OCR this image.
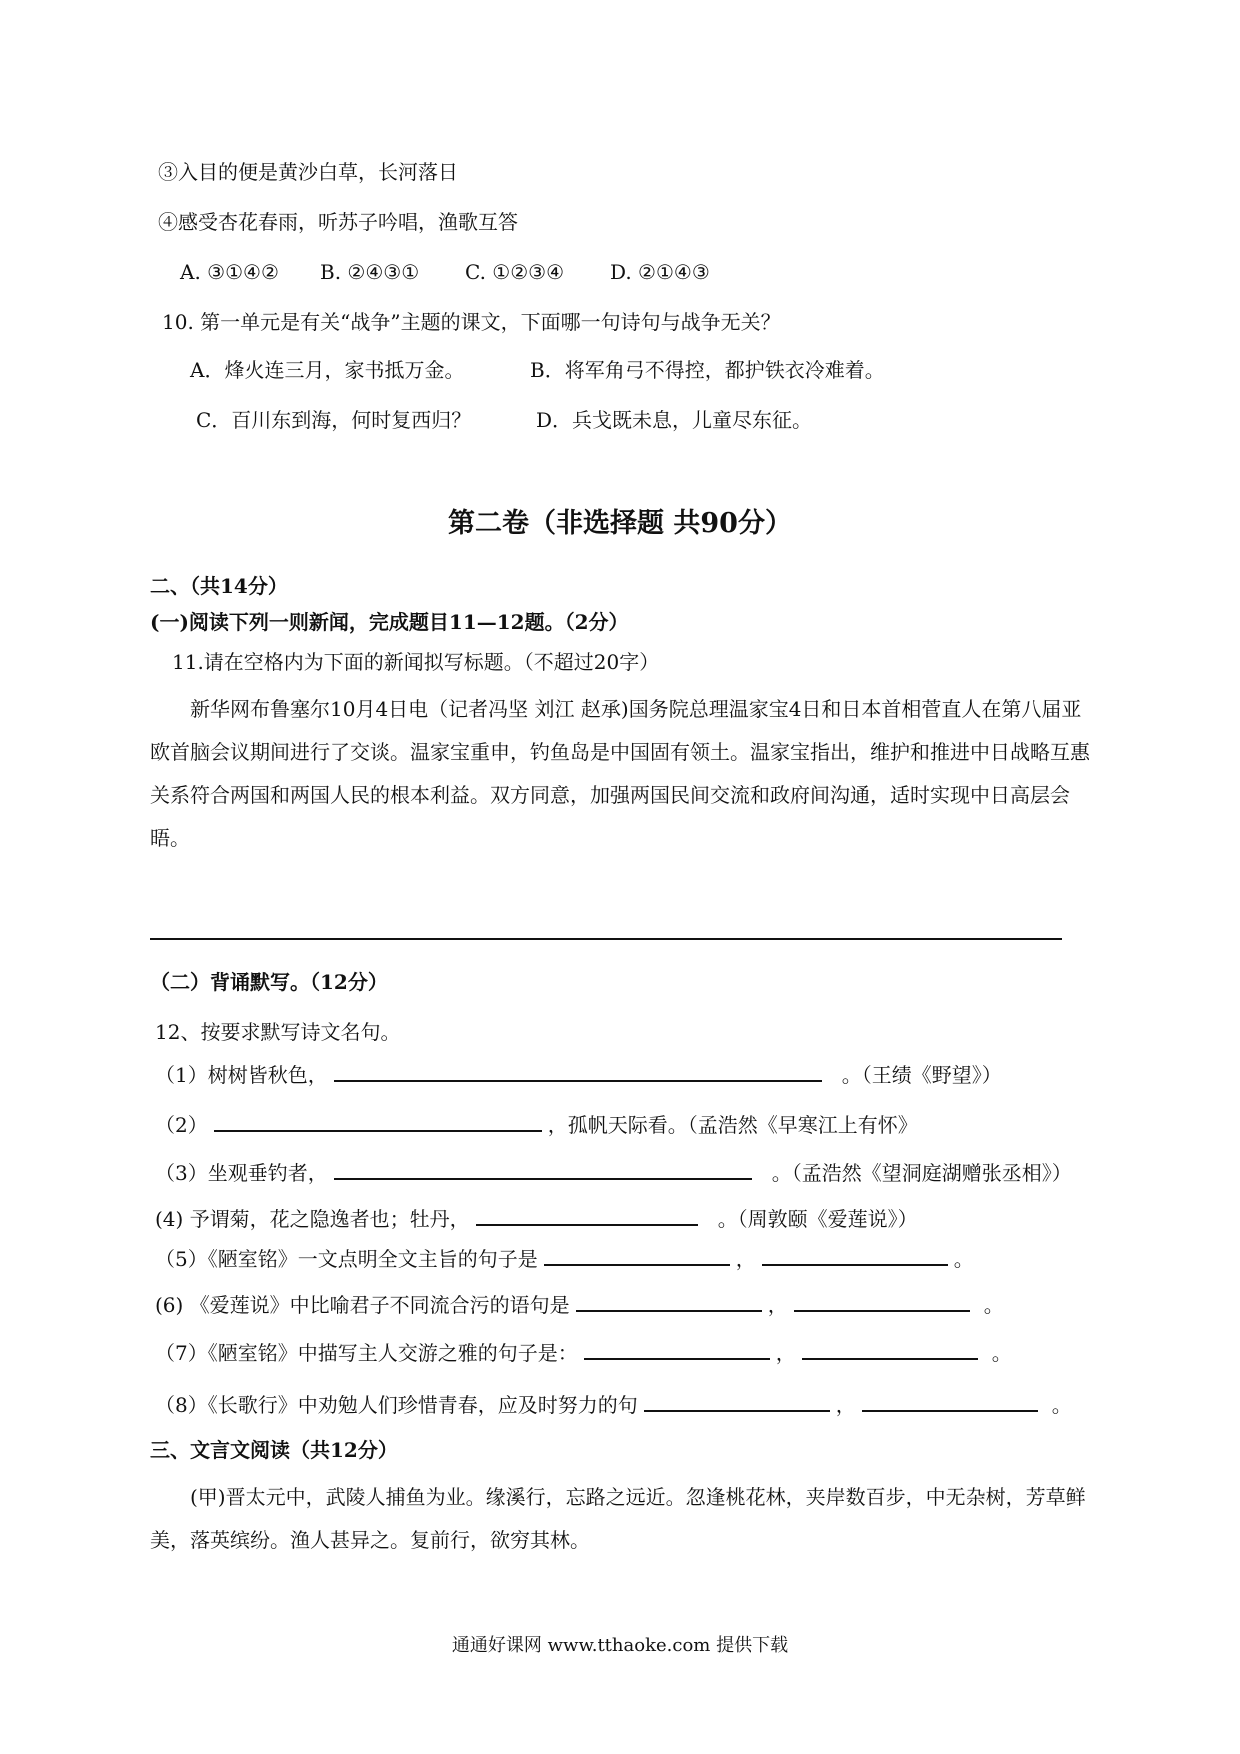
③入目的便是黄沙白草，长河落日
④感受杏花春雨，听苏子吟唱，渔歌互答
A. ③①④② B. ②④③① C. ①②③④ D. ②①④③
10. 第一单元是有关“战争”主题的课文，下面哪一句诗句与战争无关？
A．烽火连三月，家书抵万金。	B．将军角弓不得控，都护铁衣冷难着。
C．百川东到海，何时复西归？	D．兵戈既未息，儿童尽东征。
第二卷（非选择题 共90分）
二、（共14分）
(一)阅读下列一则新闻，完成题目11—12题。（2分）
11.请在空格内为下面的新闻拟写标题。（不超过20字）
新华网布鲁塞尔10月4日电（记者冯坚 刘江 赵承)国务院总理温家宝4日和日本首相菅直人在第八届亚欧首脑会议期间进行了交谈。温家宝重申，钓鱼岛是中国固有领土。温家宝指出，维护和推进中日战略互惠关系符合两国和两国人民的根本利益。双方同意，加强两国民间交流和政府间沟通，适时实现中日高层会晤。
（二）背诵默写。（12分）
12、按要求默写诗文名句。
（1）树树皆秋色，	。（王绩《野望》）
（2）	，孤帆天际看。（孟浩然《早寒江上有怀》
（3）坐观垂钓者，	。（孟浩然《望洞庭湖赠张丞相》）
(4) 予谓菊，花之隐逸者也；牡丹，	。（周敦颐《爱莲说》）
（5）《陋室铭》一文点明全文主旨的句子是	，	。
(6) 《爱莲说》中比喻君子不同流合污的语句是	，	。
（7）《陋室铭》中描写主人交游之雅的句子是：	，	。
（8）《长歌行》中劝勉人们珍惜青春，应及时努力的句	，	。
三、文言文阅读（共12分）
(甲)晋太元中，武陵人捕鱼为业。缘溪行，忘路之远近。忽逢桃花林，夹岸数百步，中无杂树，芳草鲜美，落英缤纷。渔人甚异之。复前行，欲穷其林。
通通好课网 www.tthaoke.com 提供下载
